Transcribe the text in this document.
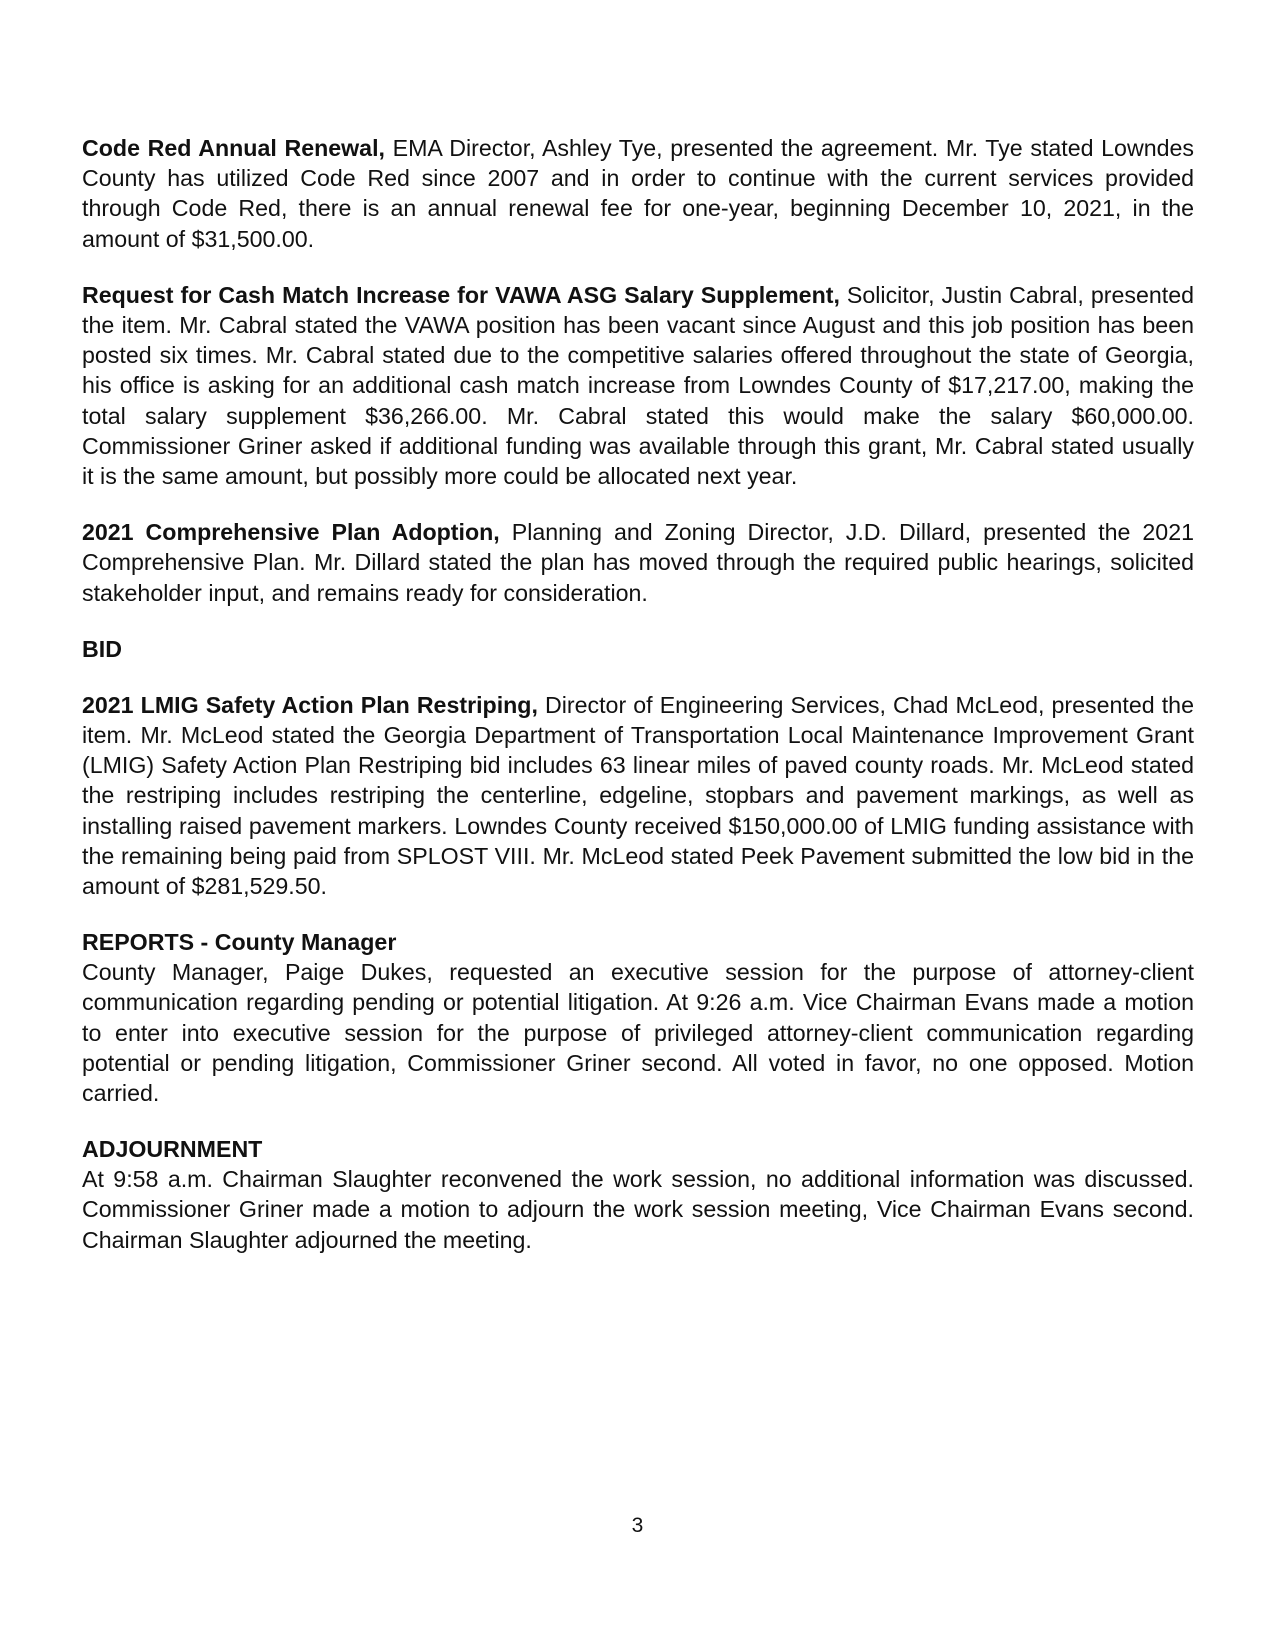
Code Red Annual Renewal, EMA Director, Ashley Tye, presented the agreement. Mr. Tye stated Lowndes County has utilized Code Red since 2007 and in order to continue with the current services provided through Code Red, there is an annual renewal fee for one-year, beginning December 10, 2021, in the amount of $31,500.00.

Request for Cash Match Increase for VAWA ASG Salary Supplement, Solicitor, Justin Cabral, presented the item. Mr. Cabral stated the VAWA position has been vacant since August and this job position has been posted six times. Mr. Cabral stated due to the competitive salaries offered throughout the state of Georgia, his office is asking for an additional cash match increase from Lowndes County of $17,217.00, making the total salary supplement $36,266.00. Mr. Cabral stated this would make the salary $60,000.00. Commissioner Griner asked if additional funding was available through this grant, Mr. Cabral stated usually it is the same amount, but possibly more could be allocated next year.

2021 Comprehensive Plan Adoption, Planning and Zoning Director, J.D. Dillard, presented the 2021 Comprehensive Plan. Mr. Dillard stated the plan has moved through the required public hearings, solicited stakeholder input, and remains ready for consideration.

BID

2021 LMIG Safety Action Plan Restriping, Director of Engineering Services, Chad McLeod, presented the item. Mr. McLeod stated the Georgia Department of Transportation Local Maintenance Improvement Grant (LMIG) Safety Action Plan Restriping bid includes 63 linear miles of paved county roads. Mr. McLeod stated the restriping includes restriping the centerline, edgeline, stopbars and pavement markings, as well as installing raised pavement markers. Lowndes County received $150,000.00 of LMIG funding assistance with the remaining being paid from SPLOST VIII. Mr. McLeod stated Peek Pavement submitted the low bid in the amount of $281,529.50.

REPORTS - County Manager

County Manager, Paige Dukes, requested an executive session for the purpose of attorney-client communication regarding pending or potential litigation. At 9:26 a.m. Vice Chairman Evans made a motion to enter into executive session for the purpose of privileged attorney-client communication regarding potential or pending litigation, Commissioner Griner second. All voted in favor, no one opposed. Motion carried.

ADJOURNMENT

At 9:58 a.m. Chairman Slaughter reconvened the work session, no additional information was discussed. Commissioner Griner made a motion to adjourn the work session meeting, Vice Chairman Evans second. Chairman Slaughter adjourned the meeting.

3
